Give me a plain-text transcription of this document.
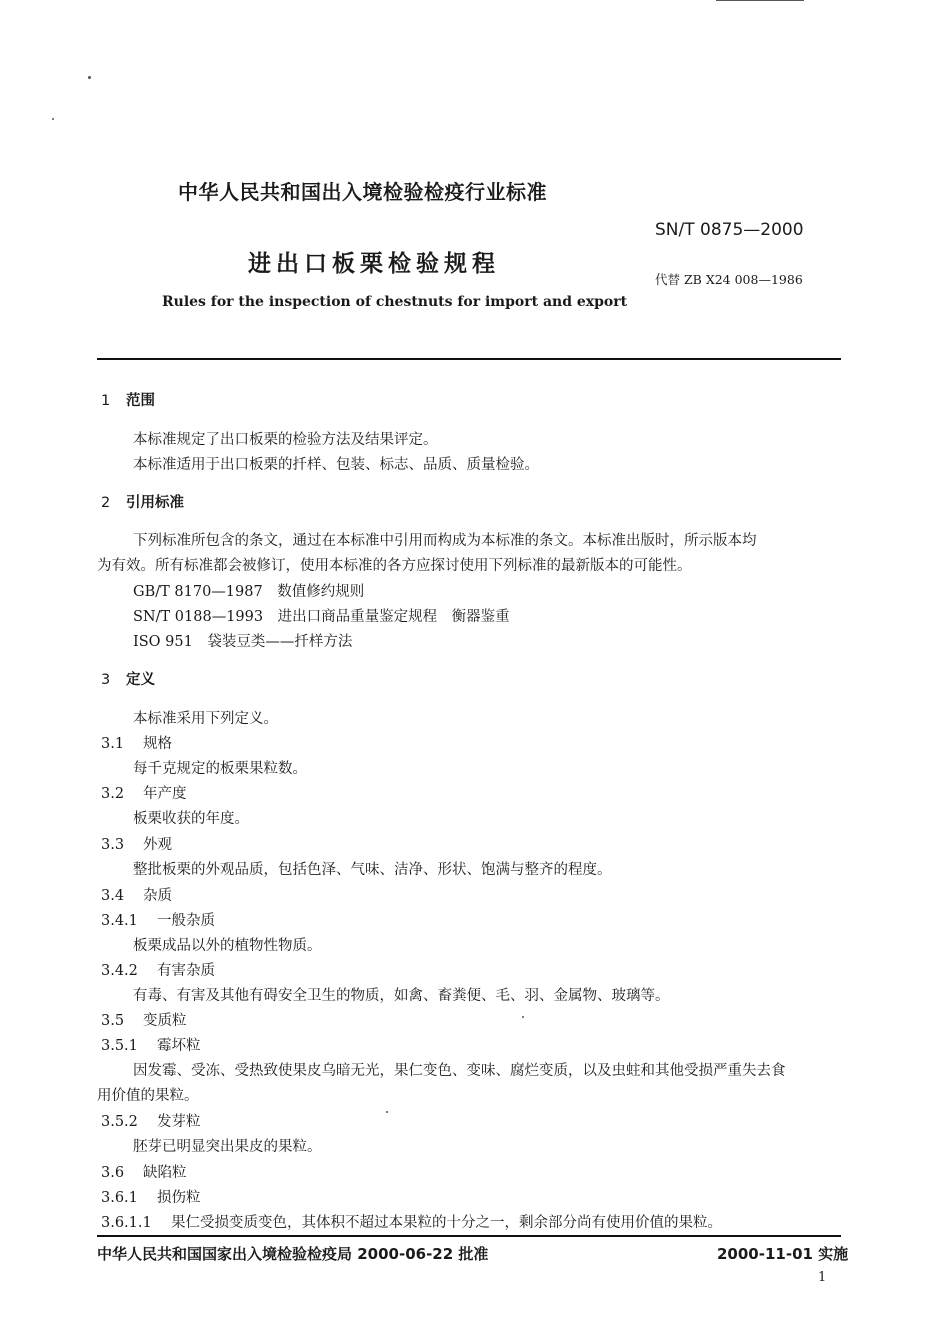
中华人民共和国出入境检验检疫行业标准
SN/T 0875—2000
进出口板栗检验规程
代替 ZB X24 008—1986
Rules for the inspection of chestnuts for import and export
1 范围
本标准规定了出口板栗的检验方法及结果评定。
本标准适用于出口板栗的扦样、包装、标志、品质、质量检验。
2 引用标准
下列标准所包含的条文，通过在本标准中引用而构成为本标准的条文。本标准出版时，所示版本均
为有效。所有标准都会被修订，使用本标准的各方应探讨使用下列标准的最新版本的可能性。
GB/T 8170—1987　数值修约规则
SN/T 0188—1993　进出口商品重量鉴定规程　衡器鉴重
ISO 951　袋装豆类——扦样方法
3 定义
本标准采用下列定义。
3.1 规格
每千克规定的板栗果粒数。
3.2 年产度
板栗收获的年度。
3.3 外观
整批板栗的外观品质，包括色泽、气味、洁净、形状、饱满与整齐的程度。
3.4 杂质
3.4.1 一般杂质
板栗成品以外的植物性物质。
3.4.2 有害杂质
有毒、有害及其他有碍安全卫生的物质，如禽、畜粪便、毛、羽、金属物、玻璃等。
3.5 变质粒
3.5.1 霉坏粒
因发霉、受冻、受热致使果皮乌暗无光，果仁变色、变味、腐烂变质，以及虫蛀和其他受损严重失去食
用价值的果粒。
3.5.2 发芽粒
胚芽已明显突出果皮的果粒。
3.6 缺陷粒
3.6.1 损伤粒
3.6.1.1 果仁受损变质变色，其体积不超过本果粒的十分之一，剩余部分尚有使用价值的果粒。
中华人民共和国国家出入境检验检疫局 2000-06-22 批准	2000-11-01 实施
1
